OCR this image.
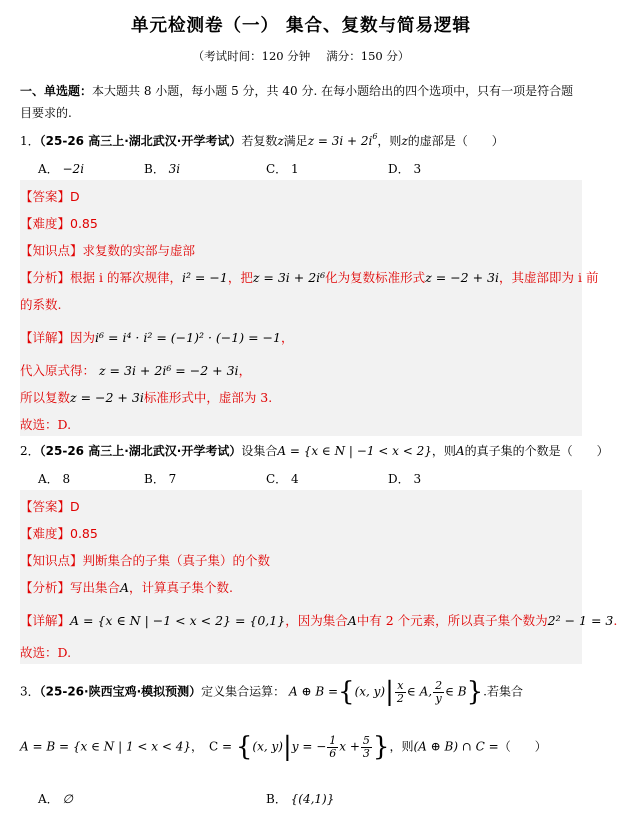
单元检测卷（一） 集合、复数与简易逻辑
（考试时间：120 分钟 满分：150 分）
一、单选题：本大题共 8 小题，每小题 5 分，共 40 分. 在每小题给出的四个选项中，只有一项是符合题目要求的.
1．（25-26 高三上·湖北武汉·开学考试）若复数z满足$z = 3i + 2i^6$，则z的虚部是（　　）
A． −2i	B． 3i	C． 1	D． 3
【答案】D
【难度】0.85
【知识点】求复数的实部与虚部
【分析】根据 i 的幂次规律，i² = −1，把z = 3i + 2i⁶化为复数标准形式z = −2 + 3i，其虚部即为 i 前
的系数.
【详解】因为i⁶ = i⁴ · i² = (−1)² · (−1) = −1，
代入原式得： z = 3i + 2i⁶ = −2 + 3i，
所以复数z = −2 + 3i标准形式中，虚部为 3.
故选：D.
2．（25-26 高三上·湖北武汉·开学考试）设集合A = {x ∈ N | −1 < x < 2}，则A的真子集的个数是（　　）
A． 8	B． 7	C． 4	D． 3
【答案】D
【难度】0.85
【知识点】判断集合的子集（真子集）的个数
【分析】写出集合A，计算真子集个数.
【详解】A = {x ∈ N | −1 < x < 2} = {0,1}，因为集合A中有 2 个元素，所以真子集个数为2² − 1 = 3.
故选：D.
3．（25-26·陕西宝鸡·模拟预测）定义集合运算： A ⊕ B ={(x, $y)| \frac{x}{2}$ ∈ A, $\frac{2}{y}$ ∈ B}.若集合
A = B = {x ∈ N | 1 < x < 4}，　C = {(x, y)|y = − $\frac{1}{6}$ $x + \frac{5}{3}$ }，则(A ⊕ B) ∩ C =（　　）
A． ∅	B． {(4,1)}
